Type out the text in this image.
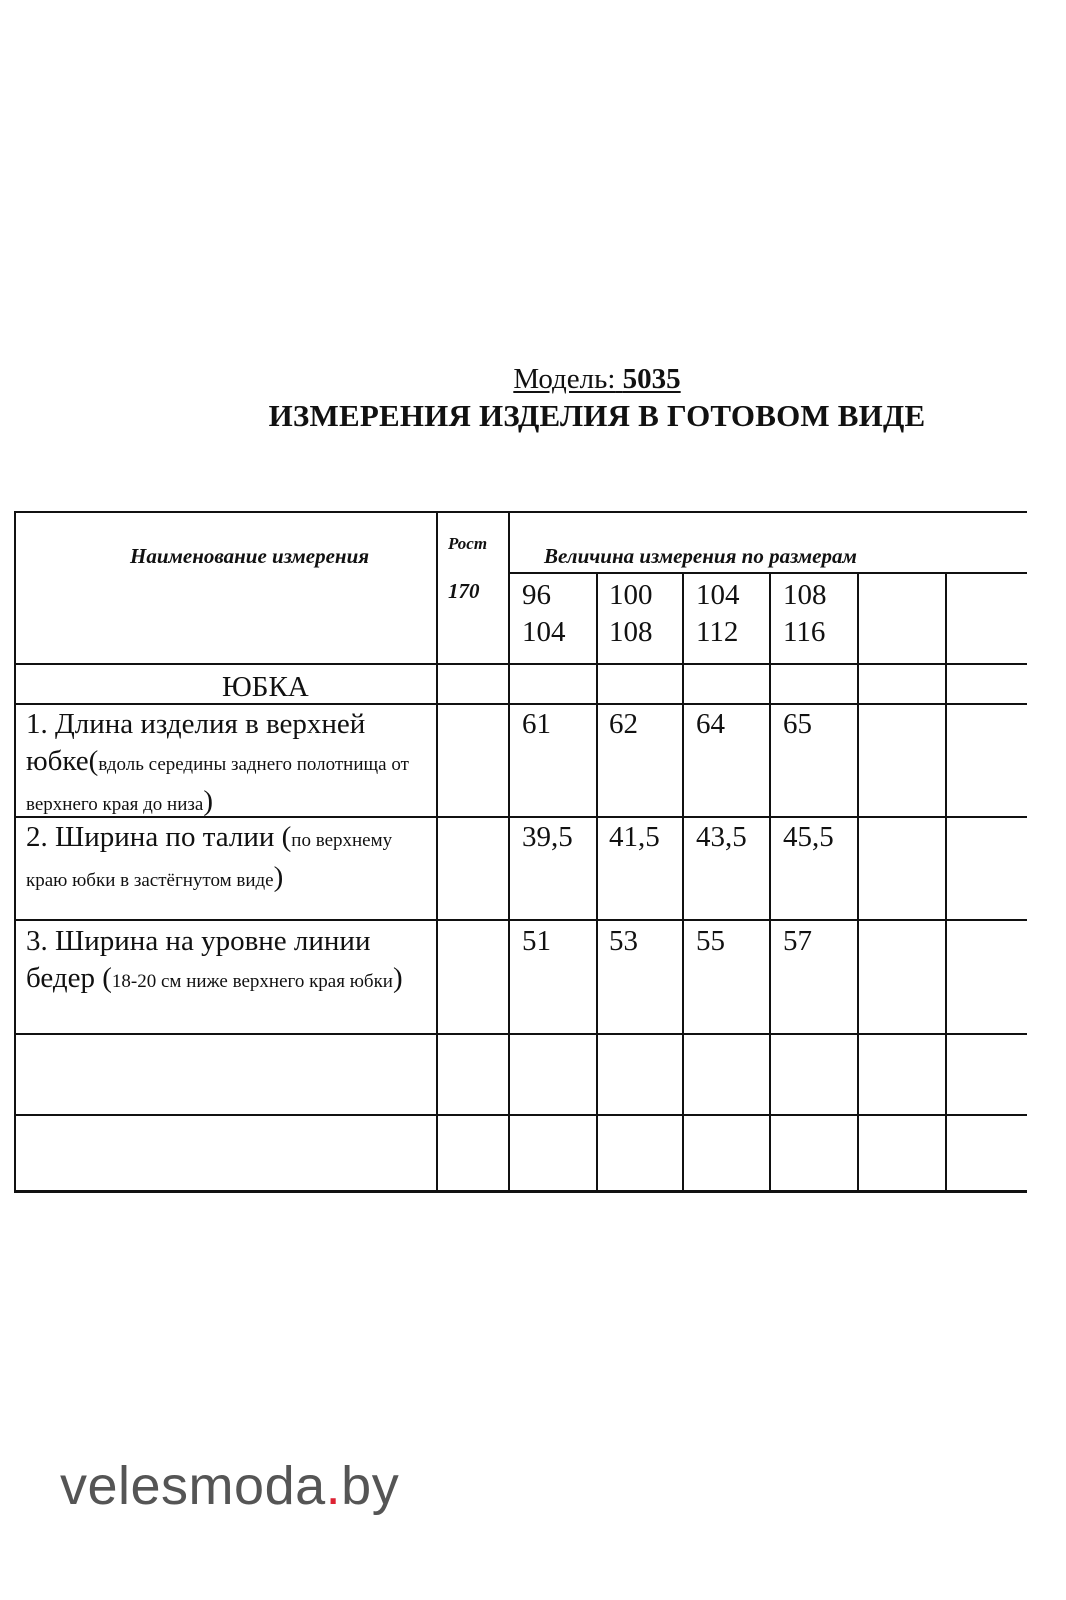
Модель: 5035
ИЗМЕРЕНИЯ ИЗДЕЛИЯ В ГОТОВОМ ВИДЕ
Наименование измерения
Рост
170
Величина измерения по размерам
96
104
100
108
104
112
108
116
ЮБКА
1. Длина изделия в верхней юбке(вдоль середины заднего полотнища от верхнего края до низа)
61 62 64 65
2. Ширина по талии (по верхнему краю юбки в застёгнутом виде)
39,5 41,5 43,5 45,5
3. Ширина на уровне линии бедер (18-20 см ниже верхнего края юбки)
51 53 55 57
velesmoda.by
